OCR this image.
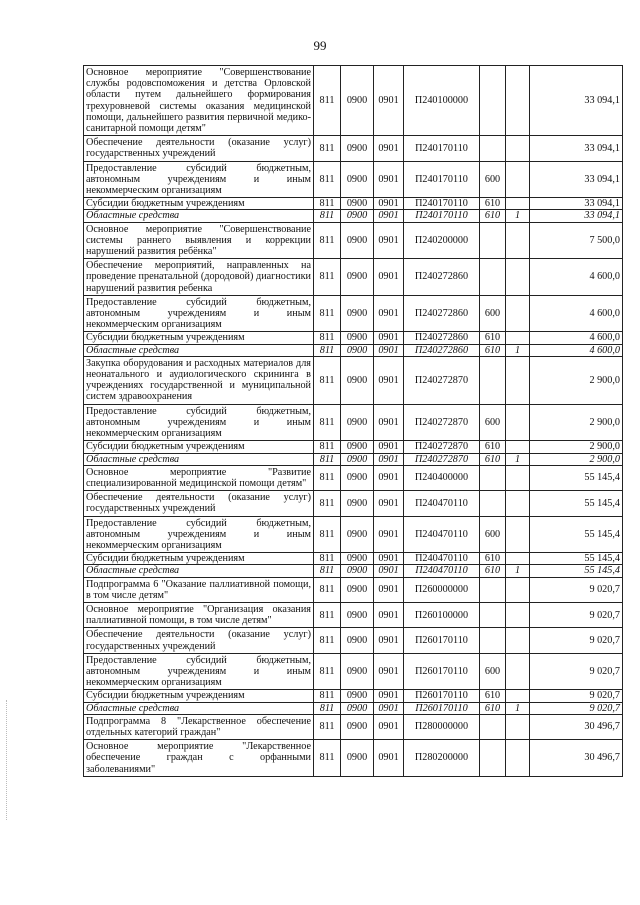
99
Основное мероприятие "Совершенствование службы родовспоможения и детства Орловской области путем дальнейшего формирования трехуровневой системы оказания медицинской помощи, дальнейшего развития первичной медико-санитарной помощи детям"	811	0900	0901	П240100000			33 094,1
Обеспечение деятельности (оказание услуг) государственных учреждений	811	0900	0901	П240170110			33 094,1
Предоставление субсидий бюджетным, автономным учреждениям и иным некоммерческим организациям	811	0900	0901	П240170110	600		33 094,1
Субсидии бюджетным учреждениям	811	0900	0901	П240170110	610		33 094,1
Областные средства	811	0900	0901	П240170110	610	1	33 094,1
Основное мероприятие "Совершенствование системы раннего выявления и коррекции нарушений развития ребёнка"	811	0900	0901	П240200000			7 500,0
Обеспечение мероприятий, направленных на проведение пренатальной (дородовой) диагностики нарушений развития ребенка	811	0900	0901	П240272860			4 600,0
Предоставление субсидий бюджетным, автономным учреждениям и иным некоммерческим организациям	811	0900	0901	П240272860	600		4 600,0
Субсидии бюджетным учреждениям	811	0900	0901	П240272860	610		4 600,0
Областные средства	811	0900	0901	П240272860	610	1	4 600,0
Закупка оборудования и расходных материалов для неонатального и аудиологического скрининга в учреждениях государственной и муниципальной систем здравоохранения	811	0900	0901	П240272870			2 900,0
Предоставление субсидий бюджетным, автономным учреждениям и иным некоммерческим организациям	811	0900	0901	П240272870	600		2 900,0
Субсидии бюджетным учреждениям	811	0900	0901	П240272870	610		2 900,0
Областные средства	811	0900	0901	П240272870	610	1	2 900,0
Основное мероприятие "Развитие специализированной медицинской помощи детям"	811	0900	0901	П240400000			55 145,4
Обеспечение деятельности (оказание услуг) государственных учреждений	811	0900	0901	П240470110			55 145,4
Предоставление субсидий бюджетным, автономным учреждениям и иным некоммерческим организациям	811	0900	0901	П240470110	600		55 145,4
Субсидии бюджетным учреждениям	811	0900	0901	П240470110	610		55 145,4
Областные средства	811	0900	0901	П240470110	610	1	55 145,4
Подпрограмма 6 "Оказание паллиативной помощи, в том числе детям"	811	0900	0901	П260000000			9 020,7
Основное мероприятие "Организация оказания паллиативной помощи, в том числе детям"	811	0900	0901	П260100000			9 020,7
Обеспечение деятельности (оказание услуг) государственных учреждений	811	0900	0901	П260170110			9 020,7
Предоставление субсидий бюджетным, автономным учреждениям и иным некоммерческим организациям	811	0900	0901	П260170110	600		9 020,7
Субсидии бюджетным учреждениям	811	0900	0901	П260170110	610		9 020,7
Областные средства	811	0900	0901	П260170110	610	1	9 020,7
Подпрограмма 8 "Лекарственное обеспечение отдельных категорий граждан"	811	0900	0901	П280000000			30 496,7
Основное мероприятие "Лекарственное обеспечение граждан с орфанными заболеваниями"	811	0900	0901	П280200000			30 496,7
